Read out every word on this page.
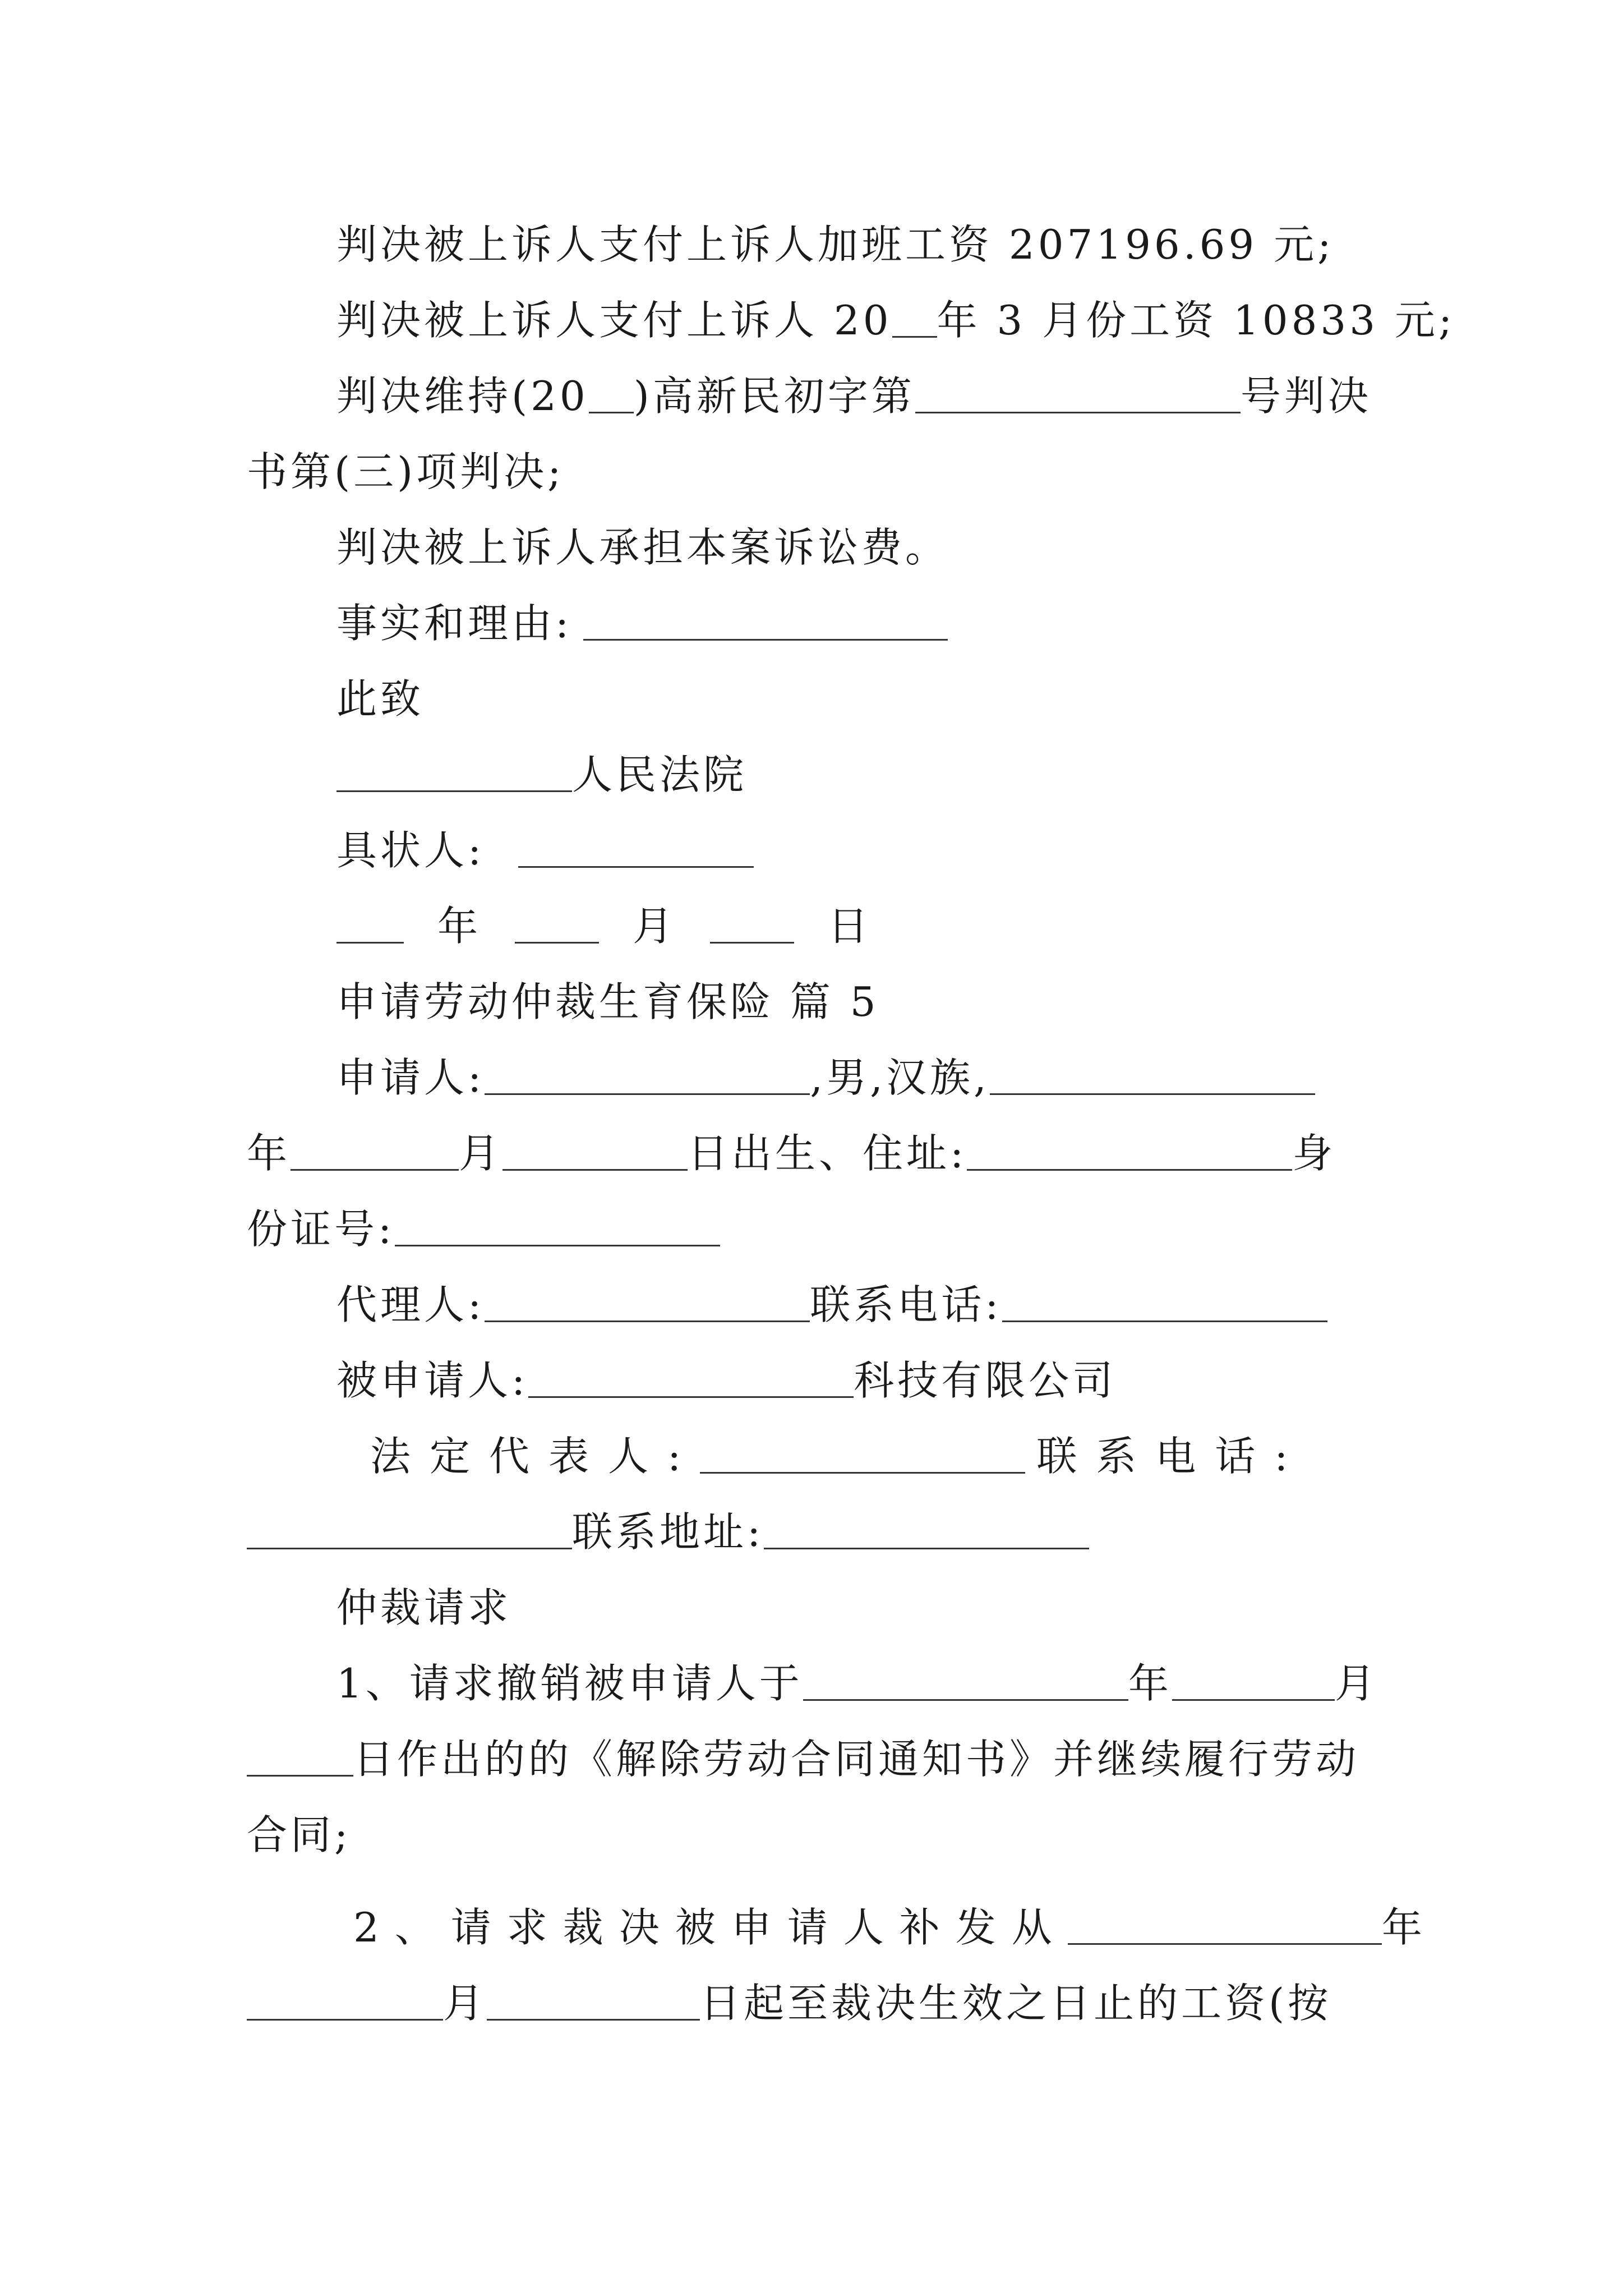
判决被上诉人支付上诉人加班工资 207196.69 元;
判决被上诉人支付上诉人 20 年 3 月份工资 10833 元;
判决维持(20 )高新民初字第	号判决
书第(三)项判决;
判决被上诉人承担本案诉讼费。
事实和理由:
此致
人民法院
具状人:
年	月	日
申请劳动仲裁生育保险 篇 5
申请人:	,男,汉族,
年	月	日出生、住址:	身
份证号:
代理人:	联系电话:
被申请人:	科技有限公司
法定代表人:	联系电话:
联系地址:
仲裁请求
1、请求撤销被申请人于	年	月
日作出的的《解除劳动合同通知书》并继续履行劳动
合同;
2、请求裁决被申请人补发从	年
月	日起至裁决生效之日止的工资(按
